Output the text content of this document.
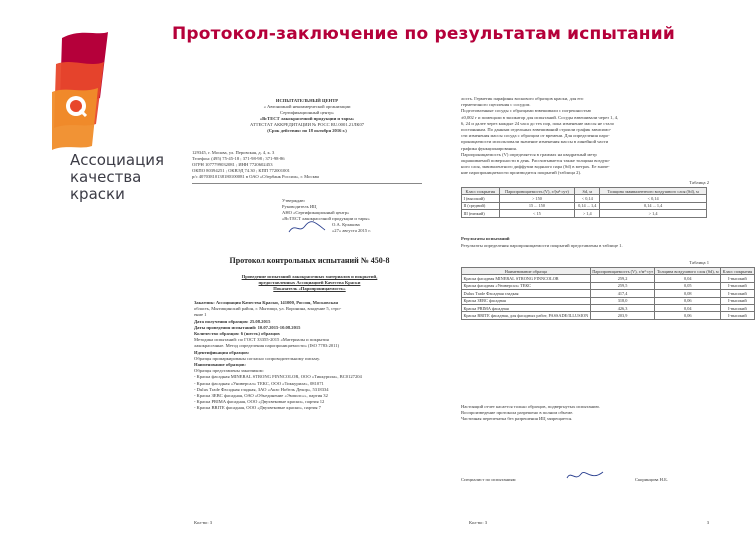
Протокол-заключение по результатам испытаний
Ассоциация
качества
краски
ИСПЫТАТЕЛЬНЫЙ ЦЕНТР
« Автономной некоммерческой организации
Сертификационный центр»
«ВсТЕСТ лакокрасочной продукции и тары»
АТТЕСТАТ АККРЕДИТАЦИИ № РОСС RU.0001.21ЛК07
(Срок действия: по 18 октября 2016 г.)
129345, г. Москва, ул. Перовская, д. 4, к. 3
Телефон: (495) 75-45-18 ; 371-98-98 ; 371-98-86
ОГРН 1077799032081 ; ИНН 7720602453
ОКПО 80394251 ; ОКВЭД 74.30 ; КПП 772001001
р/с 40703810138180100081 в ОАО «Сбербанк России», г. Москва
Утверждаю
Руководитель ИЦ
АНО «Сертификационный центр»
«ВсТЕСТ лакокрасочной продукции и тары»
О.А. Кулакова
«27» августа 2015 г.
Протокол контрольных испытаний № 450-8
Проведение испытаний лакокрасочных материалов и покрытий,
предоставленных Ассоциацией Качества Краски
Показатель «Паропроницаемость»
Заказчик: Ассоциация Качества Краски, 141000, Россия, Московская
область, Мытищинский район, г. Мытищи, ул. Воронина, владение 5, стро-
ение 1
Дата получения образцов: 25.08.2015
Даты проведения испытаний: 10.07.2015-10.08.2015
Количество образцов: 6 (шесть) образцов
Методика испытаний: по ГОСТ 33355-2015 «Материалы и покрытия
лакокрасочные. Метод определения паропроницаемости» (ISO 7783:2011)
Идентификация образцов:
Образцы промаркированы согласно сопроводительному письму.
Наименование образцов:
Образцы представлены заказчиком:
- Краска фасадная MINERAL STRONG FINNCOLOR, ООО «Тиккурила», ВС0127204
- Краска фасадная «Универсал» ТЕКС, ООО «Тиккурила», 081071
- Dulux Trade Фасадная гладкая, ЗАО «Акзо Нобель Декор», 5318334
- Краска ЗЕВС фасадная, ОАО «Объединение «Эмпилс»», партия 32
- Краска PRIMA фасадная, ООО «Двухвековые краски», партия 12
- Краска BRITE фасадная, ООО «Двухвековые краски», партия 7
Кол-во: 3
лость. Герметик парафины воскового образцов краски, для его
герметичного сцепления с сосудом.
Подготовленные сосуды с образцами взвешивали с погрешностью
±0,002 г и помещали в эксикатор для испытаний. Сосуды взвешивали через 1, 4,
6, 24 и далее через каждые 24 часа до тех пор, пока изменение массы не стало
постоянным. По данным отдельных взвешиваний строили график зависимо-
сти изменения массы сосуда с образцом от времени. Для определения паро-
проницаемости использовали значение изменения массы в линейной части
графика функционирования.
Паропроницаемость (V) определяется в граммах на квадратный метр
окрашиваемой поверхности в день. Рассчитывается также толщина воздуш-
ного слоя, эквивалентного диффузии водяного пара (Sd) в метрах. Ее значе-
ние паропроницаемости производится покрытий (таблица 2).
Таблица 2
Класс покрытия	Паропроницаемость (V), г/(м²·сут)	Sd, м	Толщина эквивалентного воздушного слоя (Sd), м
I (высокий)	> 150	< 0,14	< 0,14
II (средний)	15 ... 150	0,14 ... 1,4	0,14 ... 1,4
III (низкий)	< 15	> 1,4	> 1,4
Результаты испытаний
Результаты определения паропроницаемости покрытий представлены в таблице 1.
Таблица 1
Наименование образца	Паропроницаемость (V), г/м²·сут	Толщина воздушного слоя (Sd), м	Класс покрытия
Краска фасадная MINERAL STRONG FINNCOLOR	259,2	0,04	I-высокий
Краска фасадная «Универсал» ТЕКС	259,5	0,05	I-высокий
Dulux Trade Фасадная гладкая	417,4	0,08	I-высокий
Краска ЗЕВС фасадная	318,0	0,06	I-высокий
Краска PRIMA фасадная	426,3	0,04	I-высокий
Краска BRITE фасадная, для фасадных работ, PASSADE/ILLUSION	203,9	0,06	I-высокий
Настоящий отчет касается только образцов, подвергнутых испытанию.
Воспроизведение протокола разрешено в полном объеме.
Частичная перепечатка без разрешения ИЦ запрещается.
Специалист по испытаниям	Скоринцова Н.Б.
Кол-во: 3	3
